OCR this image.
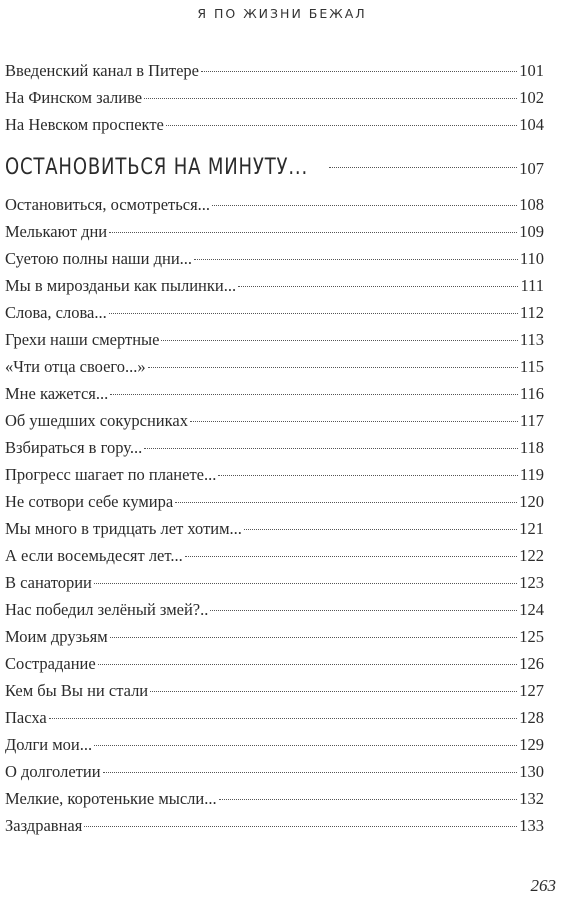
Я ПО ЖИЗНИ БЕЖАЛ
Введенский канал в Питере	101
На Финском заливе	102
На Невском проспекте	104
ОСТАНОВИТЬСЯ НА МИНУТУ...	107
Остановиться, осмотреться...	108
Мелькают дни	109
Суетою полны наши дни...	110
Мы в мирозданьи как пылинки...	111
Слова, слова...	112
Грехи наши смертные	113
«Чти отца своего...»	115
Мне кажется...	116
Об ушедших сокурсниках	117
Взбираться в гору...	118
Прогресс шагает по планете...	119
Не сотвори себе кумира	120
Мы много в тридцать лет хотим...	121
А если восемьдесят лет...	122
В санатории	123
Нас победил зелёный змей?..	124
Моим друзьям	125
Сострадание	126
Кем бы Вы ни стали	127
Пасха	128
Долги мои...	129
О долголетии	130
Мелкие, коротенькие мысли...	132
Заздравная	133
263
